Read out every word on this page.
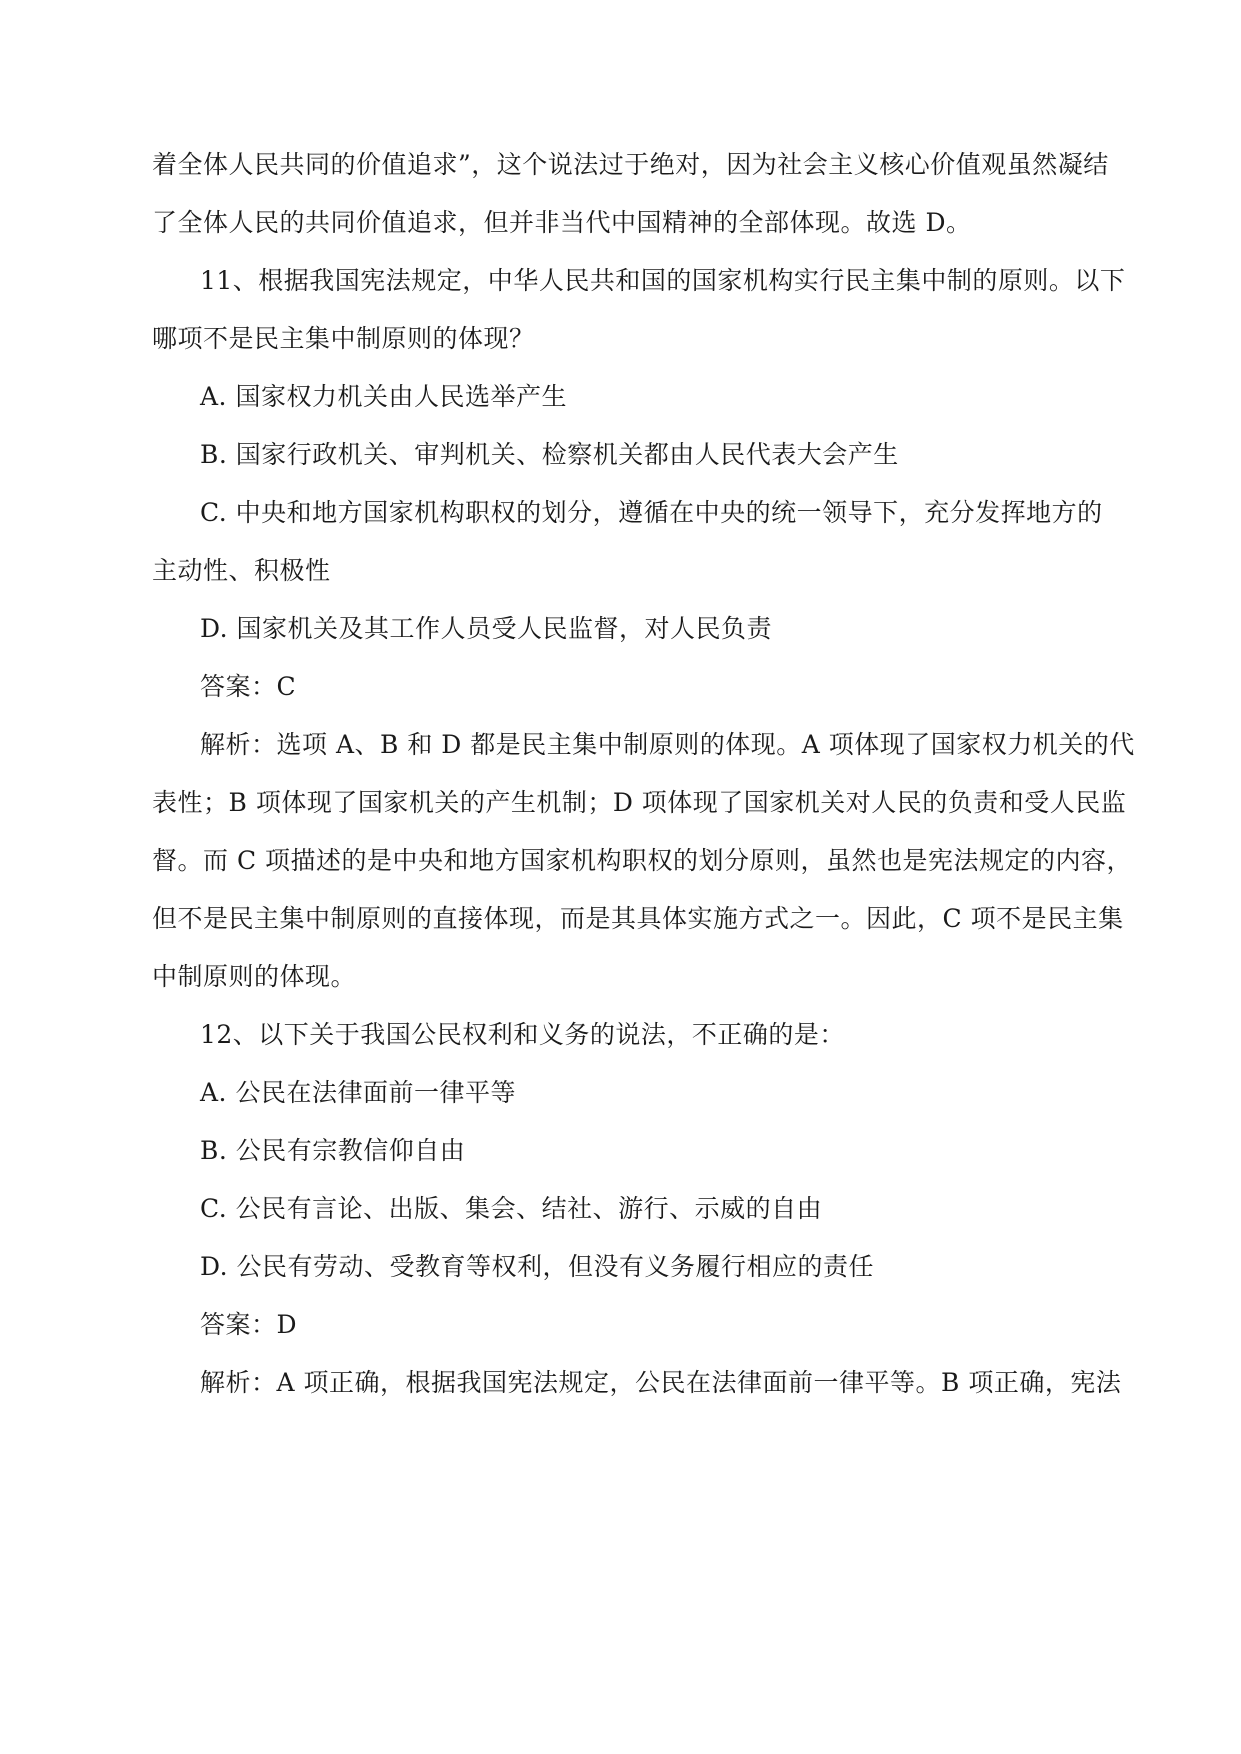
着全体人民共同的价值追求”，这个说法过于绝对，因为社会主义核心价值观虽然凝结
了全体人民的共同价值追求，但并非当代中国精神的全部体现。故选 D。
11、根据我国宪法规定，中华人民共和国的国家机构实行民主集中制的原则。以下
哪项不是民主集中制原则的体现？
A. 国家权力机关由人民选举产生
B. 国家行政机关、审判机关、检察机关都由人民代表大会产生
C. 中央和地方国家机构职权的划分，遵循在中央的统一领导下，充分发挥地方的
主动性、积极性
D. 国家机关及其工作人员受人民监督，对人民负责
答案：C
解析：选项 A、B 和 D 都是民主集中制原则的体现。A 项体现了国家权力机关的代
表性；B 项体现了国家机关的产生机制；D 项体现了国家机关对人民的负责和受人民监
督。而 C 项描述的是中央和地方国家机构职权的划分原则，虽然也是宪法规定的内容，
但不是民主集中制原则的直接体现，而是其具体实施方式之一。因此，C 项不是民主集
中制原则的体现。
12、以下关于我国公民权利和义务的说法，不正确的是：
A. 公民在法律面前一律平等
B. 公民有宗教信仰自由
C. 公民有言论、出版、集会、结社、游行、示威的自由
D. 公民有劳动、受教育等权利，但没有义务履行相应的责任
答案：D
解析：A 项正确，根据我国宪法规定，公民在法律面前一律平等。B 项正确，宪法
